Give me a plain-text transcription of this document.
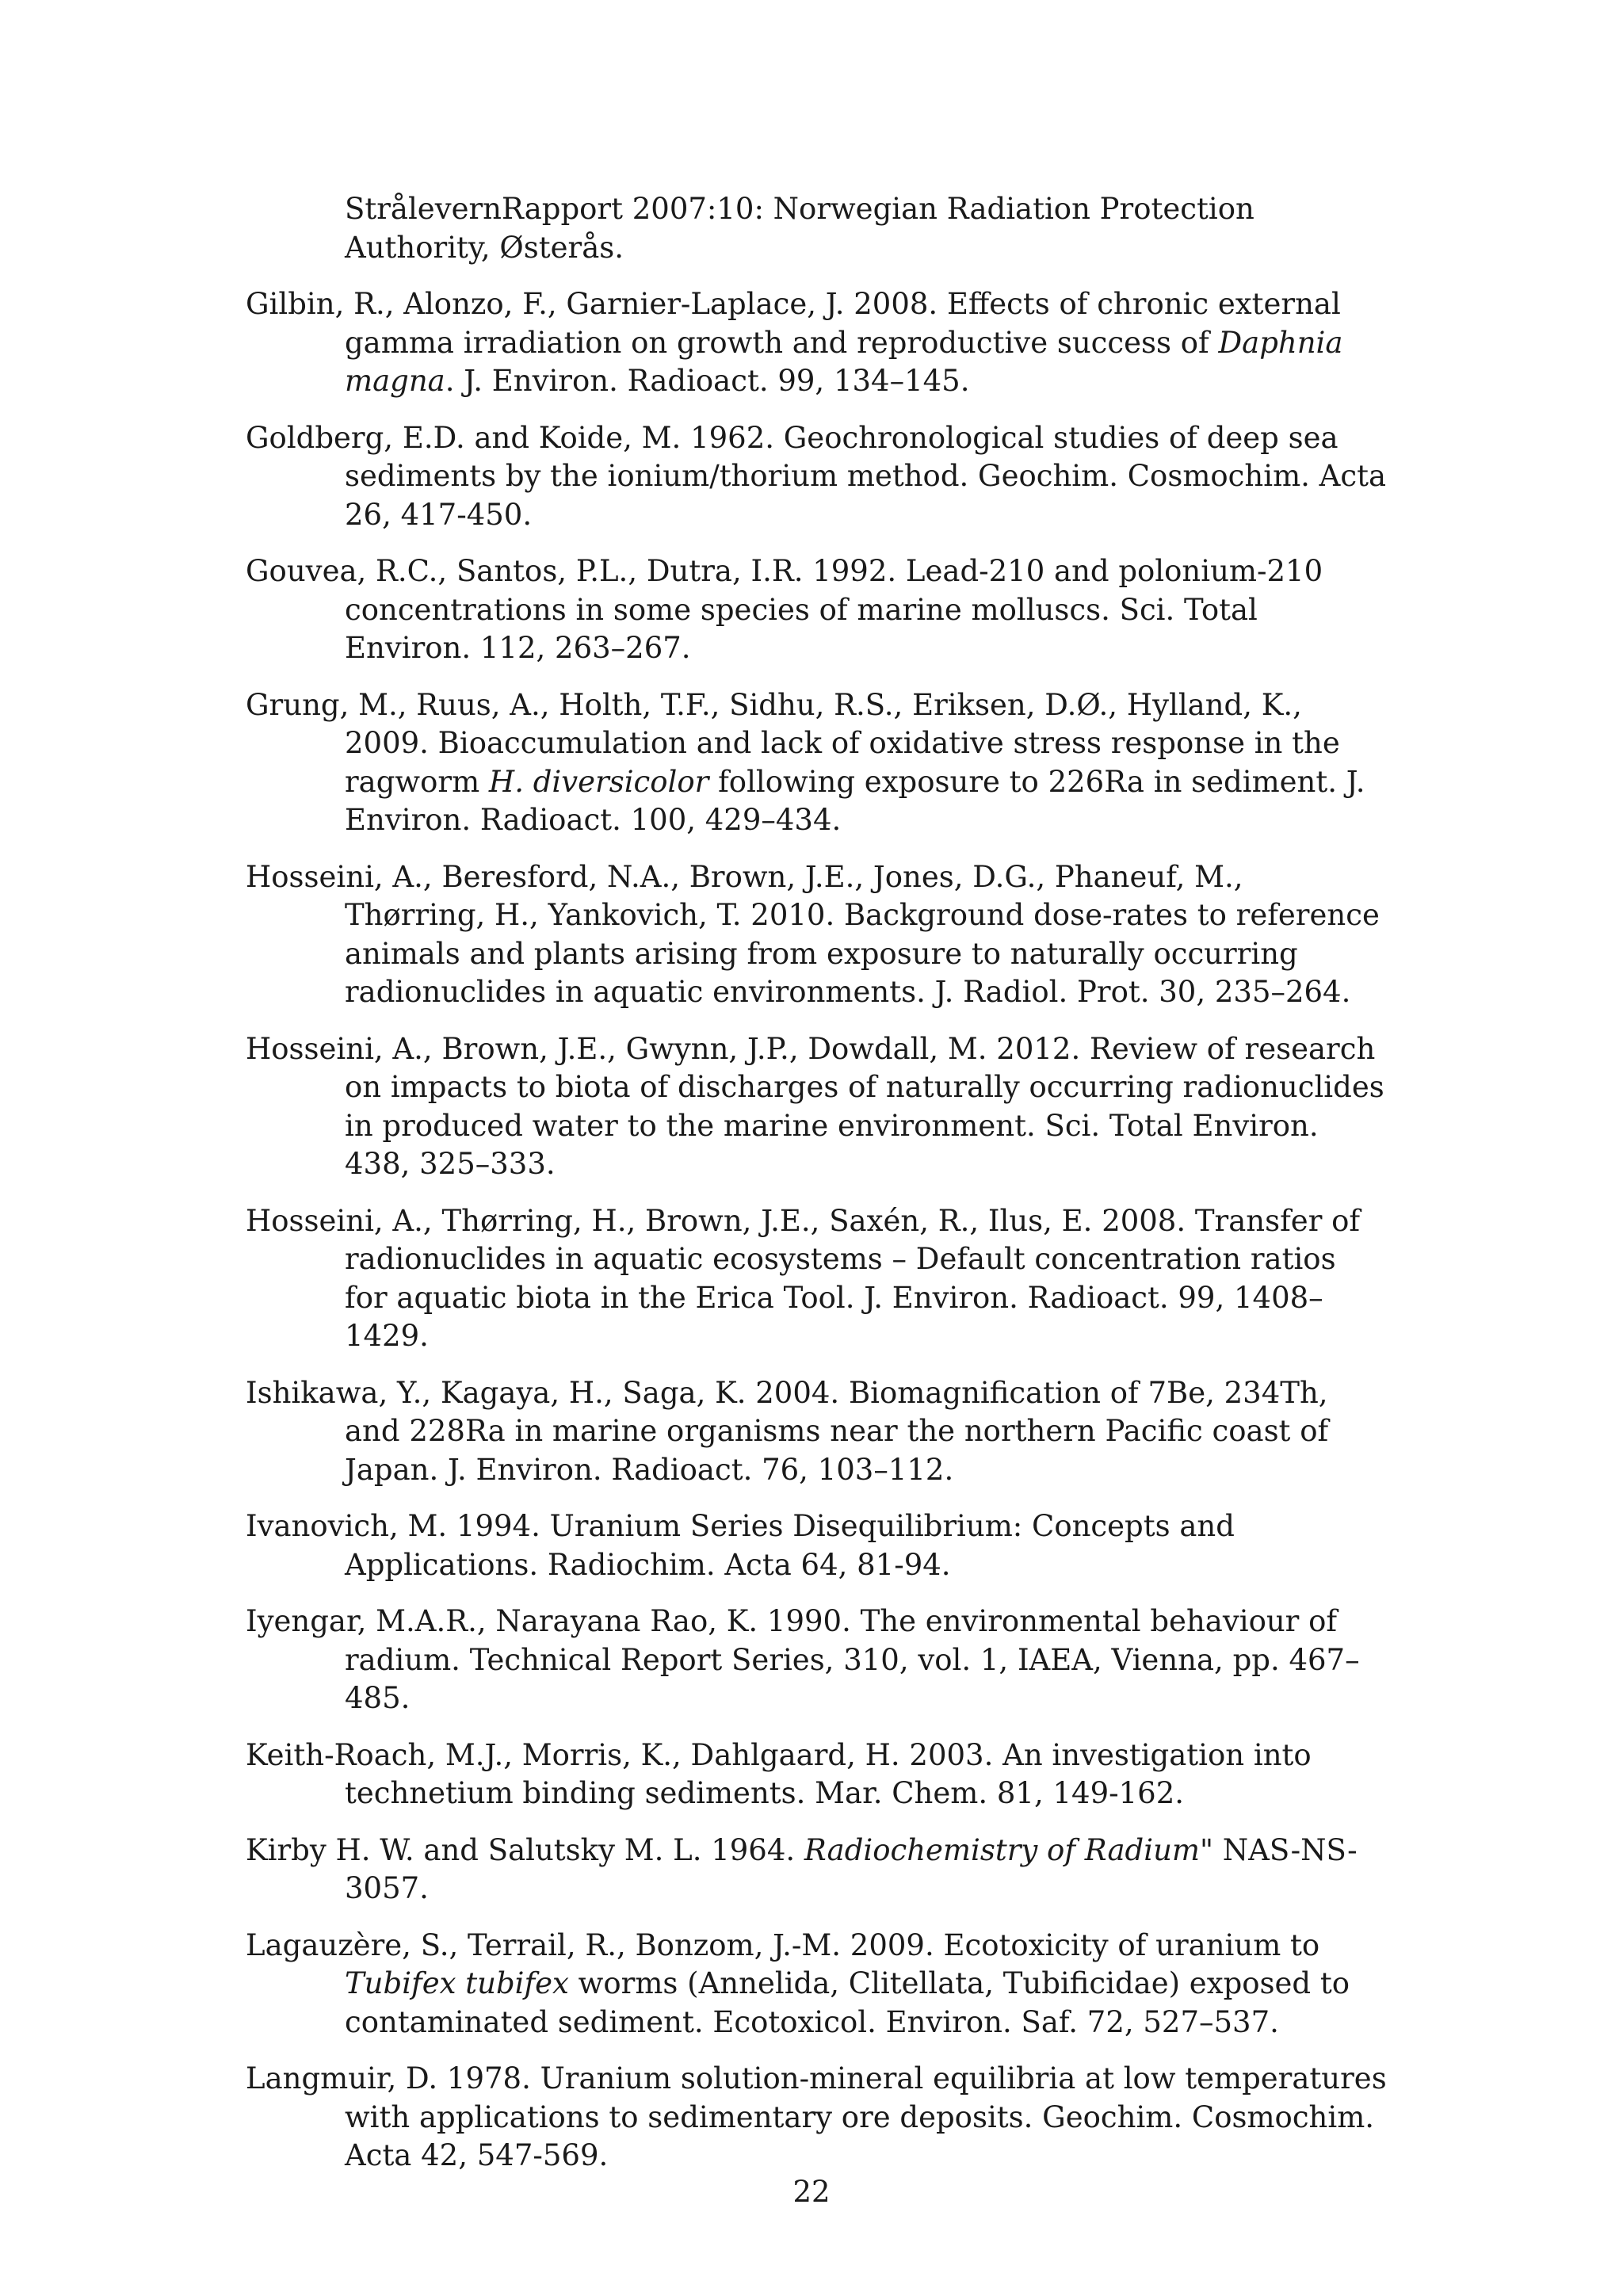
StrålevernRapport 2007:10: Norwegian Radiation Protection Authority, Østerås.

Gilbin, R., Alonzo, F., Garnier-Laplace, J. 2008. Effects of chronic external gamma irradiation on growth and reproductive success of Daphnia magna. J. Environ. Radioact. 99, 134–145.

Goldberg, E.D. and Koide, M. 1962. Geochronological studies of deep sea sediments by the ionium/thorium method. Geochim. Cosmochim. Acta 26, 417-450.

Gouvea, R.C., Santos, P.L., Dutra, I.R. 1992. Lead-210 and polonium-210 concentrations in some species of marine molluscs. Sci. Total Environ. 112, 263–267.

Grung, M., Ruus, A., Holth, T.F., Sidhu, R.S., Eriksen, D.Ø., Hylland, K., 2009. Bioaccumulation and lack of oxidative stress response in the ragworm H. diversicolor following exposure to 226Ra in sediment. J. Environ. Radioact. 100, 429–434.

Hosseini, A., Beresford, N.A., Brown, J.E., Jones, D.G., Phaneuf, M., Thørring, H., Yankovich, T. 2010. Background dose-rates to reference animals and plants arising from exposure to naturally occurring radionuclides in aquatic environments. J. Radiol. Prot. 30, 235–264.

Hosseini, A., Brown, J.E., Gwynn, J.P., Dowdall, M. 2012. Review of research on impacts to biota of discharges of naturally occurring radionuclides in produced water to the marine environment. Sci. Total Environ. 438, 325–333.

Hosseini, A., Thørring, H., Brown, J.E., Saxén, R., Ilus, E. 2008. Transfer of radionuclides in aquatic ecosystems – Default concentration ratios for aquatic biota in the Erica Tool. J. Environ. Radioact. 99, 1408–1429.

Ishikawa, Y., Kagaya, H., Saga, K. 2004. Biomagnification of 7Be, 234Th, and 228Ra in marine organisms near the northern Pacific coast of Japan. J. Environ. Radioact. 76, 103–112.

Ivanovich, M. 1994. Uranium Series Disequilibrium: Concepts and Applications. Radiochim. Acta 64, 81-94.

Iyengar, M.A.R., Narayana Rao, K. 1990. The environmental behaviour of radium. Technical Report Series, 310, vol. 1, IAEA, Vienna, pp. 467–485.

Keith-Roach, M.J., Morris, K., Dahlgaard, H. 2003. An investigation into technetium binding sediments. Mar. Chem. 81, 149-162.

Kirby H. W. and Salutsky M. L. 1964. Radiochemistry of Radium" NAS-NS-3057.

Lagauzère, S., Terrail, R., Bonzom, J.-M. 2009. Ecotoxicity of uranium to Tubifex tubifex worms (Annelida, Clitellata, Tubificidae) exposed to contaminated sediment. Ecotoxicol. Environ. Saf. 72, 527–537.

Langmuir, D. 1978. Uranium solution-mineral equilibria at low temperatures with applications to sedimentary ore deposits. Geochim. Cosmochim. Acta 42, 547-569.

22
